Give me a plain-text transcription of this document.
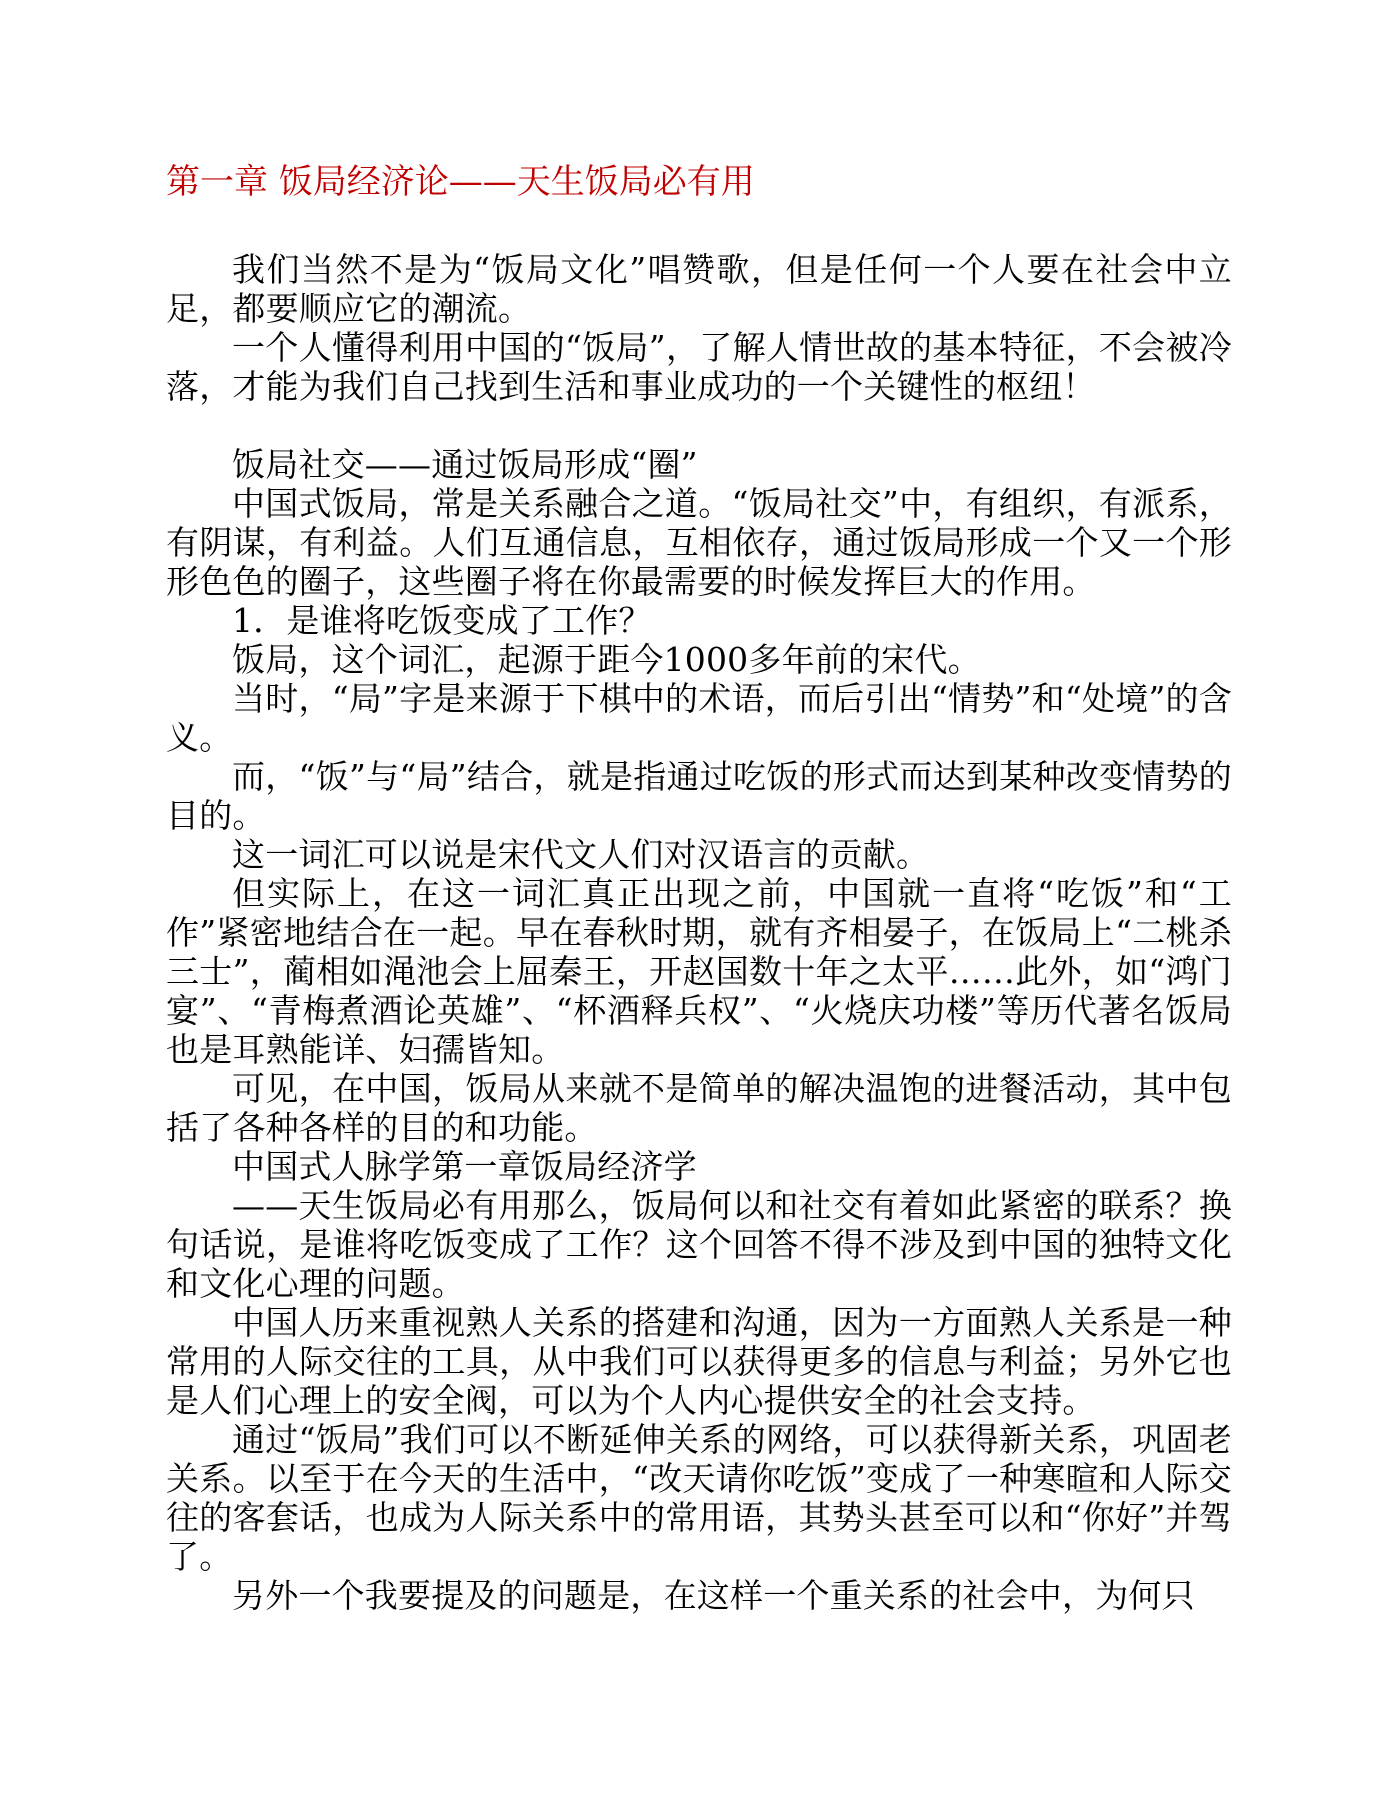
第一章 饭局经济论——天生饭局必有用

我们当然不是为“饭局文化”唱赞歌，但是任何一个人要在社会中立足，都要顺应它的潮流。

一个人懂得利用中国的“饭局”，了解人情世故的基本特征，不会被冷落，才能为我们自己找到生活和事业成功的一个关键性的枢纽！

饭局社交——通过饭局形成“圈”

中国式饭局，常是关系融合之道。“饭局社交”中，有组织，有派系，有阴谋，有利益。人们互通信息，互相依存，通过饭局形成一个又一个形形色色的圈子，这些圈子将在你最需要的时候发挥巨大的作用。

1．是谁将吃饭变成了工作？

饭局，这个词汇，起源于距今1000多年前的宋代。

当时，“局”字是来源于下棋中的术语，而后引出“情势”和“处境”的含义。

而，“饭”与“局”结合，就是指通过吃饭的形式而达到某种改变情势的目的。

这一词汇可以说是宋代文人们对汉语言的贡献。

但实际上，在这一词汇真正出现之前，中国就一直将“吃饭”和“工作”紧密地结合在一起。早在春秋时期，就有齐相晏子，在饭局上“二桃杀三士”，蔺相如渑池会上屈秦王，开赵国数十年之太平……此外，如“鸿门宴”、“青梅煮酒论英雄”、“杯酒释兵权”、“火烧庆功楼”等历代著名饭局也是耳熟能详、妇孺皆知。

可见，在中国，饭局从来就不是简单的解决温饱的进餐活动，其中包括了各种各样的目的和功能。

中国式人脉学第一章饭局经济学

——天生饭局必有用那么，饭局何以和社交有着如此紧密的联系？换句话说，是谁将吃饭变成了工作？这个回答不得不涉及到中国的独特文化和文化心理的问题。

中国人历来重视熟人关系的搭建和沟通，因为一方面熟人关系是一种常用的人际交往的工具，从中我们可以获得更多的信息与利益；另外它也是人们心理上的安全阀，可以为个人内心提供安全的社会支持。

通过“饭局”我们可以不断延伸关系的网络，可以获得新关系，巩固老关系。以至于在今天的生活中，“改天请你吃饭”变成了一种寒暄和人际交往的客套话，也成为人际关系中的常用语，其势头甚至可以和“你好”并驾了。

另外一个我要提及的问题是，在这样一个重关系的社会中，为何只
